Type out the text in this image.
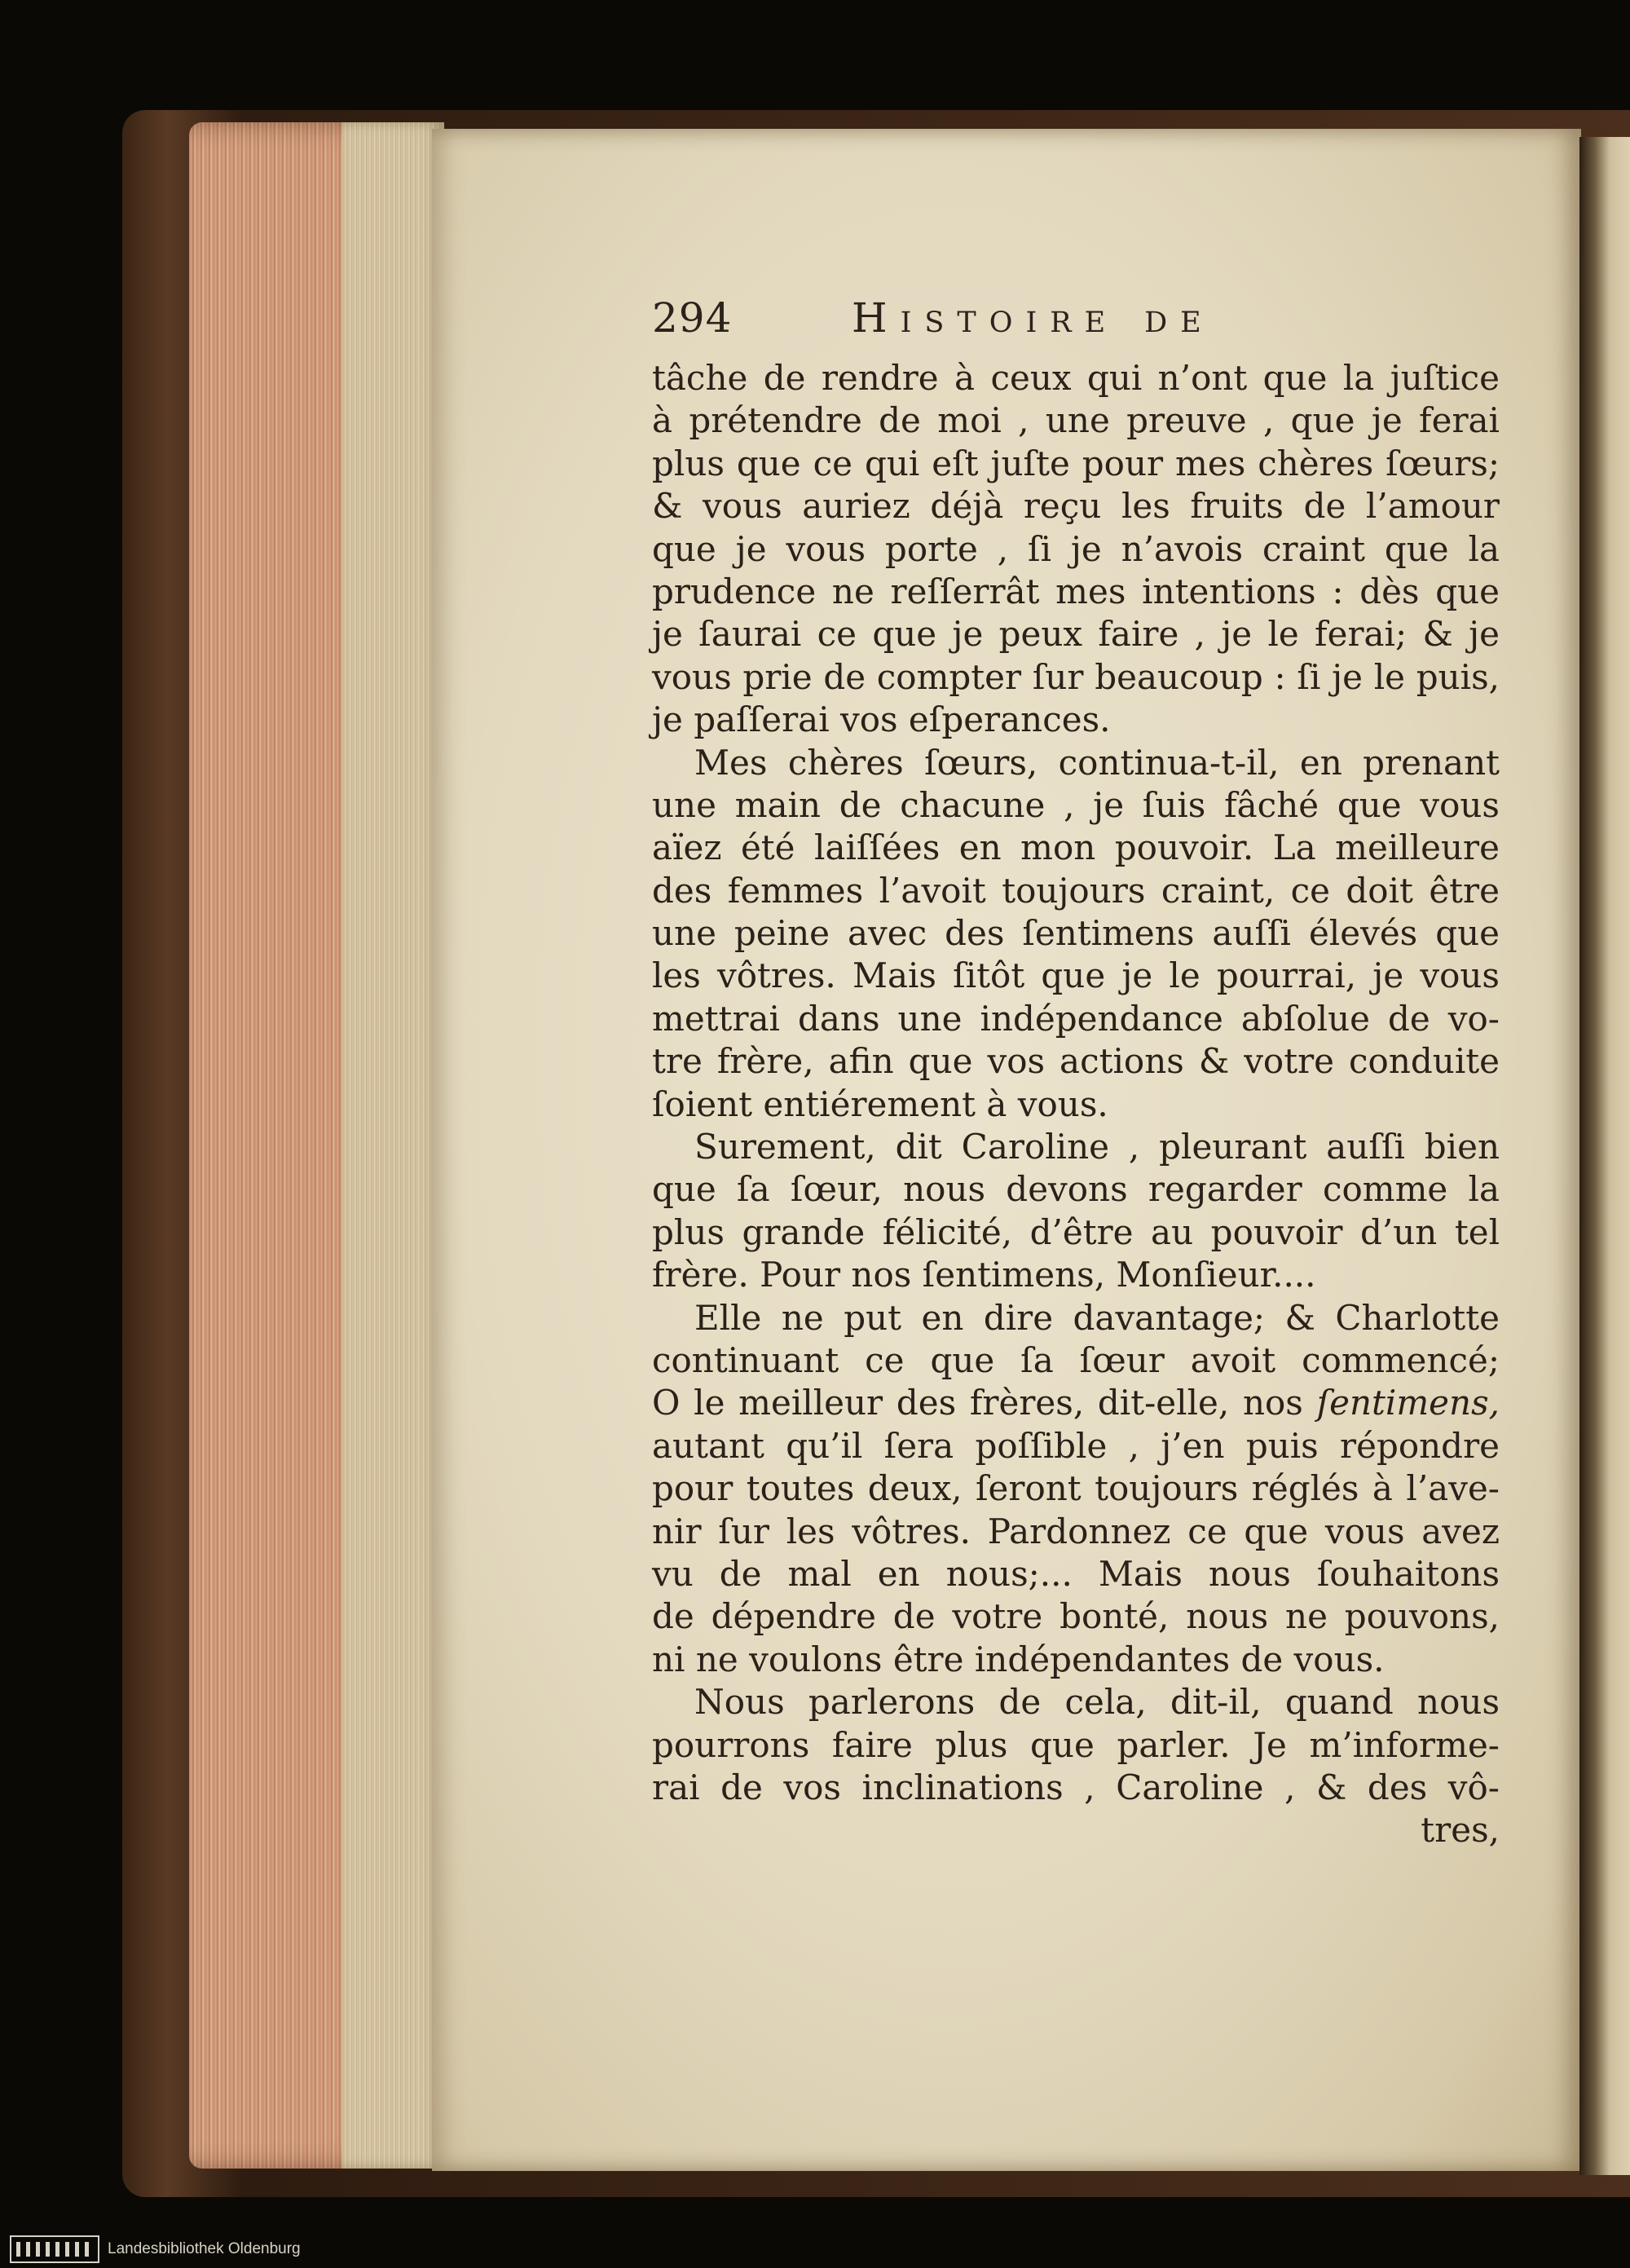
294	Histoire de
tâche de rendre à ceux qui n’ont que la juſtice
à prétendre de moi , une preuve , que je ferai
plus que ce qui eſt juſte pour mes chères ſœurs;
& vous auriez déjà reçu les fruits de l’amour
que je vous porte , ſi je n’avois craint que la
prudence ne reſſerrât mes intentions : dès que
je ſaurai ce que je peux faire , je le ferai; & je
vous prie de compter ſur beaucoup : ſi je le puis,
je paſſerai vos eſperances.
Mes chères ſœurs, continua-t-il, en prenant
une main de chacune , je ſuis fâché que vous
aïez été laiſſées en mon pouvoir. La meilleure
des femmes l’avoit toujours craint, ce doit être
une peine avec des ſentimens auſſi élevés que
les vôtres. Mais ſitôt que je le pourrai, je vous
mettrai dans une indépendance abſolue de vo-
tre frère, afin que vos actions & votre conduite
ſoient entiérement à vous.
Surement, dit Caroline , pleurant auſſi bien
que ſa ſœur, nous devons regarder comme la
plus grande félicité, d’être au pouvoir d’un tel
frère. Pour nos ſentimens, Monſieur....
Elle ne put en dire davantage; & Charlotte
continuant ce que ſa ſœur avoit commencé;
O le meilleur des frères, dit-elle, nos ſentimens,
autant qu’il ſera poſſible , j’en puis répondre
pour toutes deux, ſeront toujours réglés à l’ave-
nir ſur les vôtres. Pardonnez ce que vous avez
vu de mal en nous;... Mais nous ſouhaitons
de dépendre de votre bonté, nous ne pouvons,
ni ne voulons être indépendantes de vous.
Nous parlerons de cela, dit-il, quand nous
pourrons faire plus que parler. Je m’informe-
rai de vos inclinations , Caroline , & des vô-
tres,
Landesbibliothek Oldenburg
